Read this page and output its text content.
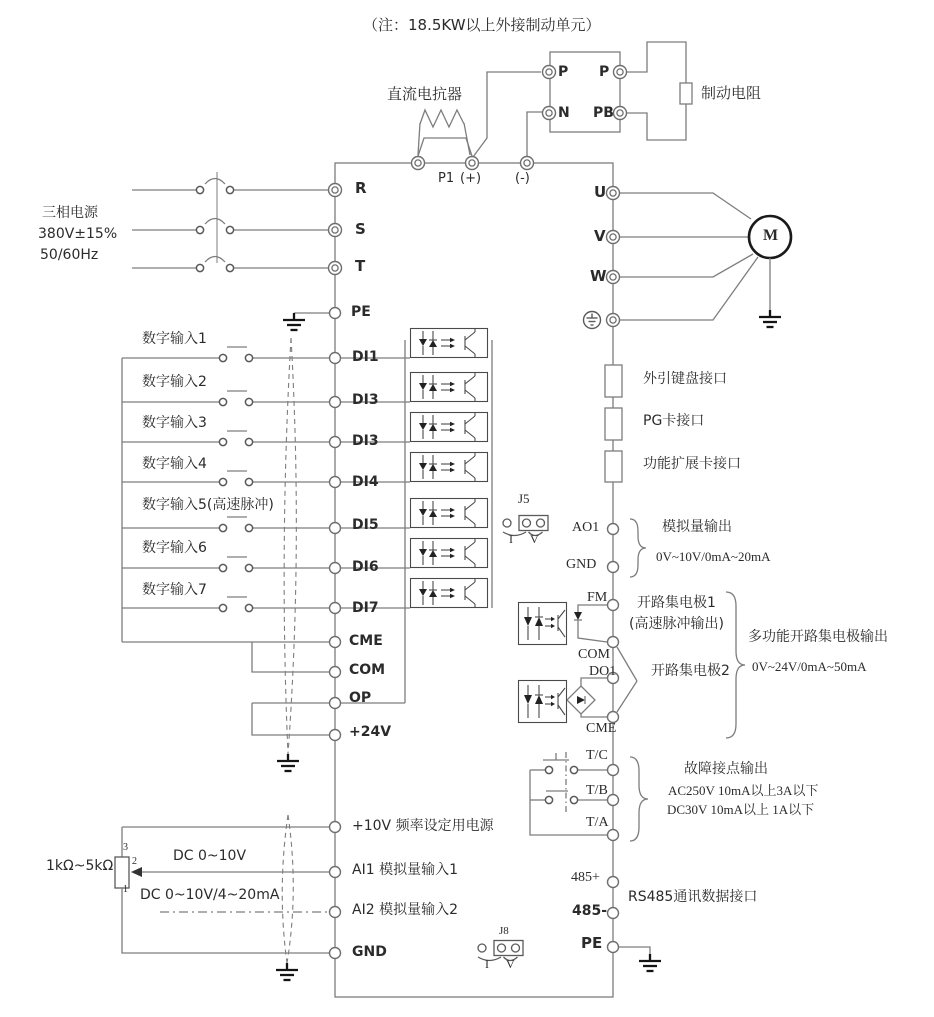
（注：18.5KW以上外接制动单元）
直流电抗器
P
N
P
PB
制动电阻
P1 (+)	(-)
三相电源
380V±15%
50/60Hz
R
S
T
PE
数字输入1
数字输入2
数字输入3
数字输入4
数字输入5(高速脉冲)
数字输入6
数字输入7
DI1
DI3
DI3
DI4
DI5
DI6
DI7
CME
COM
OP
+24V
U
V
W
M
外引键盘接口
PG卡接口
功能扩展卡接口
J5
I V
AO1
GND
模拟量输出
0V~10V/0mA~20mA
FM 开路集电极1
(高速脉冲输出)
COM
DO1 开路集电极2
CME
多功能开路集电极输出
0V~24V/0mA~50mA
T/C
T/B
T/A
故障接点输出
AC250V 10mA以上3A以下
DC30V 10mA以上 1A以下
485+
485-
RS485通讯数据接口
PE
J8
I V
+10V 频率设定用电源
1kΩ~5kΩ
3
2
1
DC 0~10V
AI1 模拟量输入1
DC 0~10V/4~20mA
AI2 模拟量输入2
GND
